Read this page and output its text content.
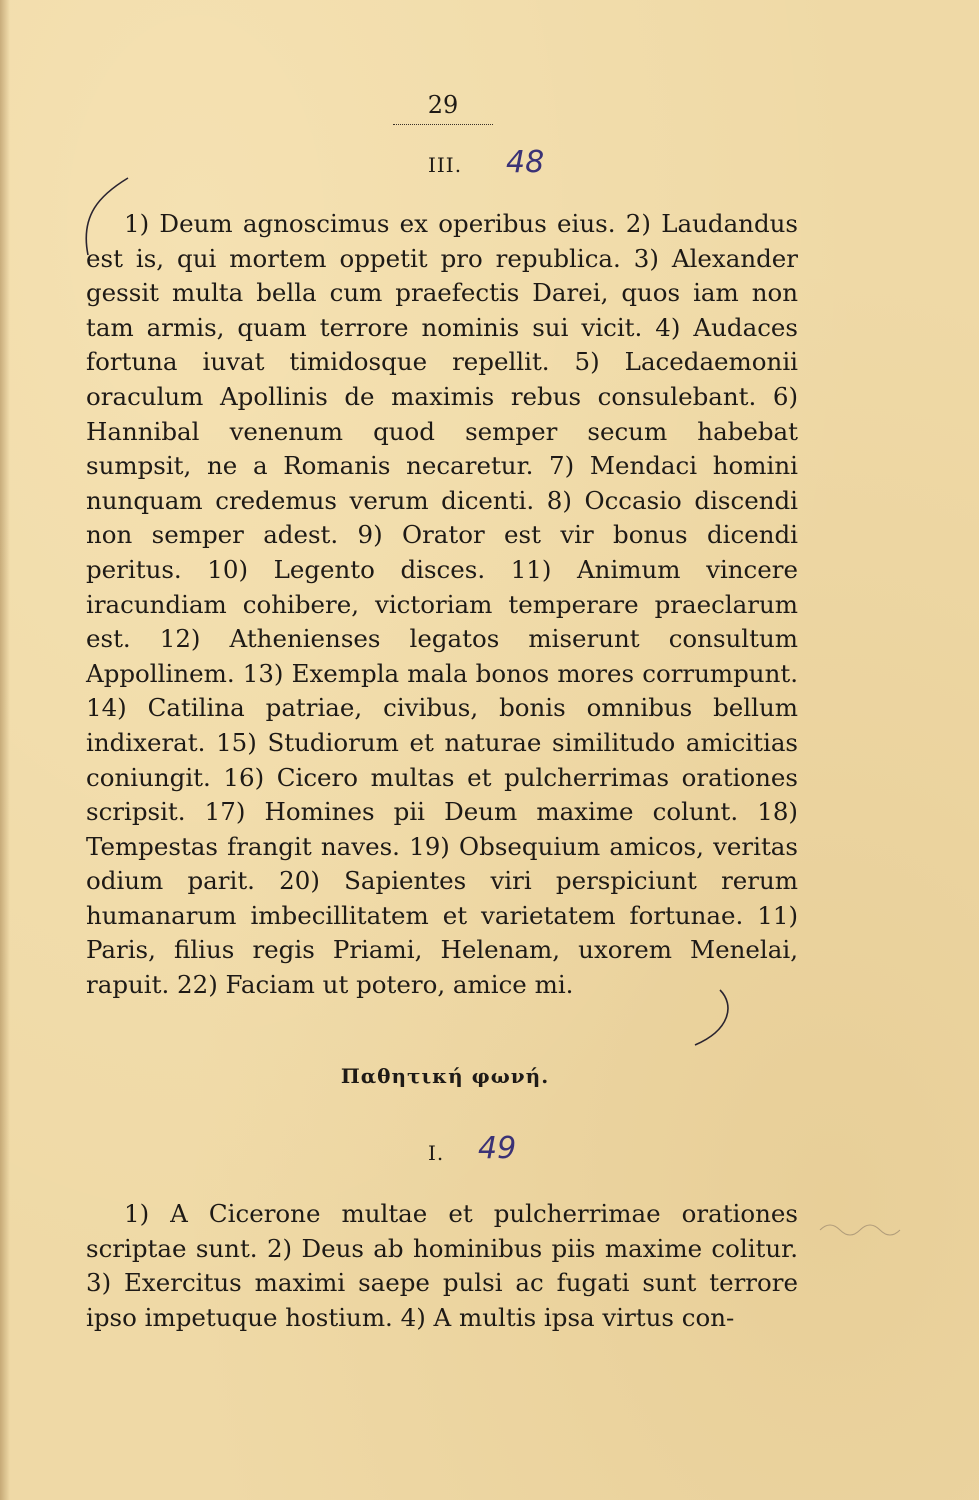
29
III. 48

1) Deum agnoscimus ex operibus eius. 2) Laudandus est is, qui mortem oppetit pro republica. 3) Alexander gessit multa bella cum praefectis Darei, quos iam non tam armis, quam terrore nominis sui vicit. 4) Audaces fortuna iuvat timidosque repellit. 5) Lacedaemonii oraculum Apollinis de maximis rebus consulebant. 6) Hannibal venenum quod semper secum habebat sumpsit, ne a Romanis necaretur. 7) Mendaci homini nunquam credemus verum dicenti. 8) Occasio discendi non semper adest. 9) Orator est vir bonus dicendi peritus. 10) Legento disces. 11) Animum vincere iracundiam cohibere, victoriam temperare praeclarum est. 12) Athenienses legatos miserunt consultum Appollinem. 13) Exempla mala bonos mores corrumpunt. 14) Catilina patriae, civibus, bonis omnibus bellum indixerat. 15) Studiorum et naturae similitudo amicitias coniungit. 16) Cicero multas et pulcherrimas orationes scripsit. 17) Homines pii Deum maxime colunt. 18) Tempestas frangit naves. 19) Obsequium amicos, veritas odium parit. 20) Sapientes viri perspiciunt rerum humanarum imbecillitatem et varietatem fortunae. 11) Paris, filius regis Priami, Helenam, uxorem Menelai, rapuit. 22) Faciam ut potero, amice mi.

Παθητική φωνή.
I. 49

1) A Cicerone multae et pulcherrimae orationes scriptae sunt. 2) Deus ab hominibus piis maxime colitur. 3) Exercitus maximi saepe pulsi ac fugati sunt terrore ipso impetuque hostium. 4) A multis ipsa virtus con-
